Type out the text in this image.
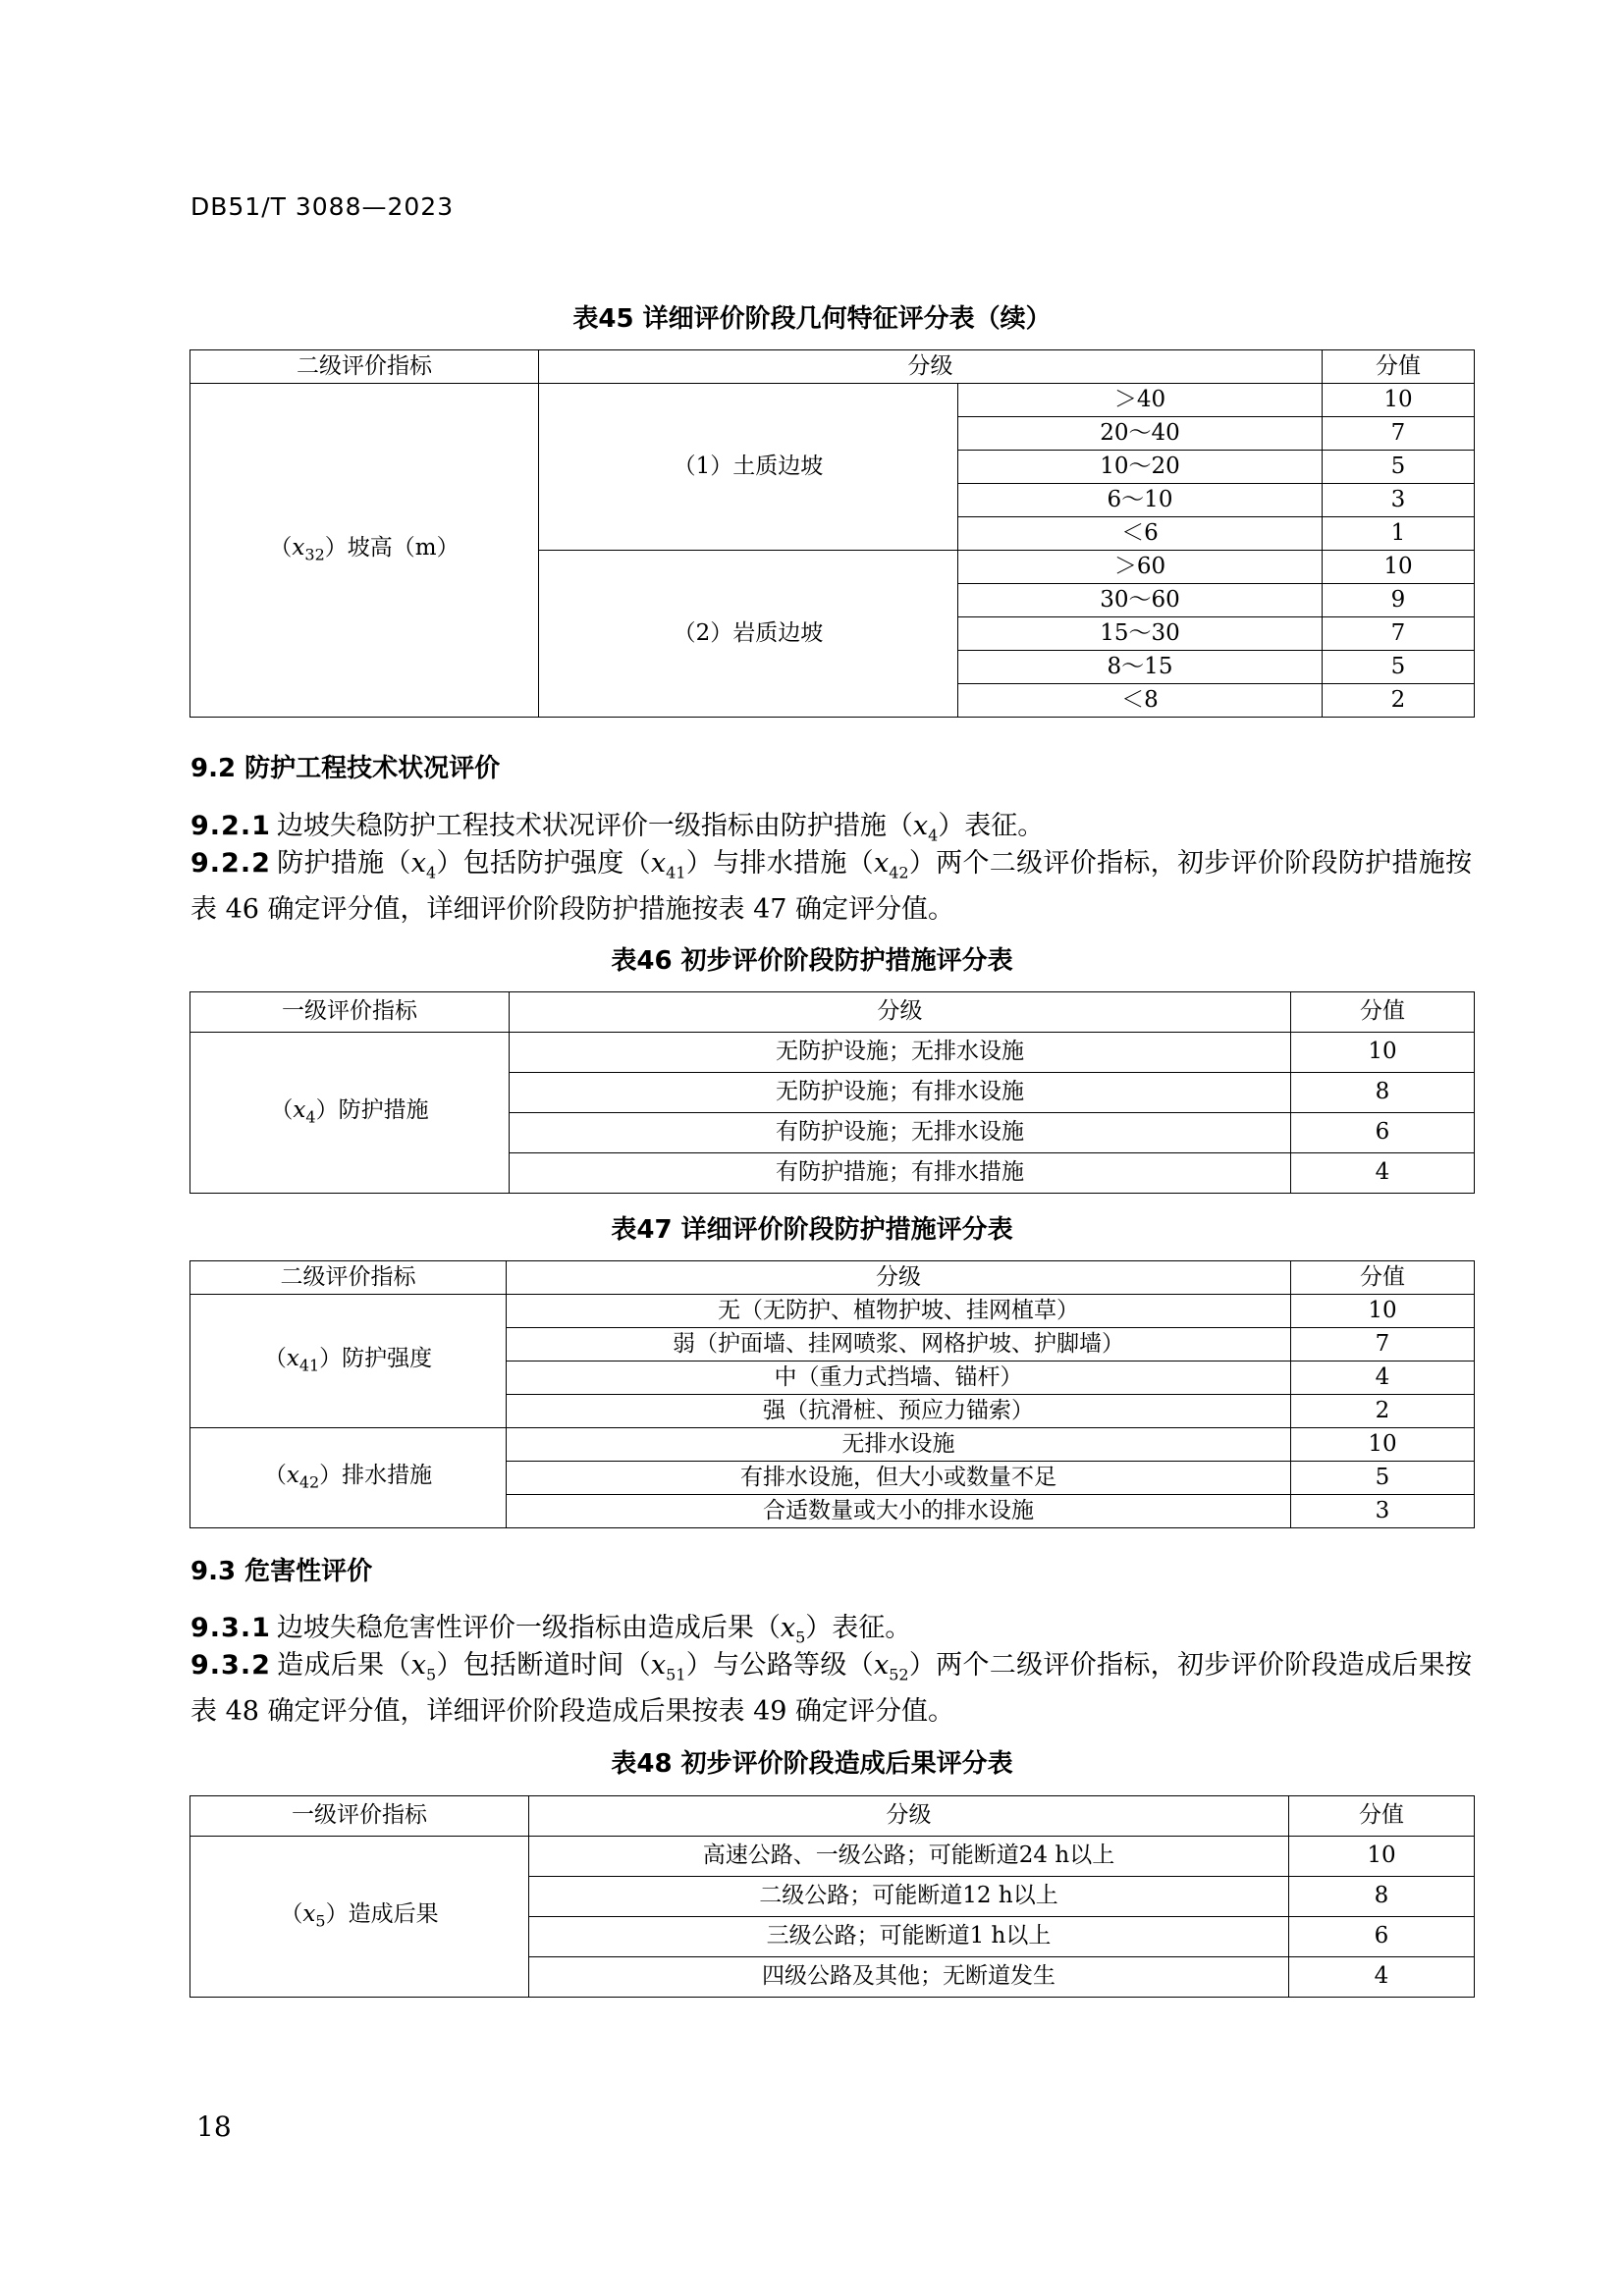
DB51/T 3088—2023
表45 详细评价阶段几何特征评分表（续）
二级评价指标	分级		分值
$(x_{32})$坡高（m）	（1）土质边坡	＞40	10
		20～40	7
		10～20	5
		6～10	3
		＜6	1
	（2）岩质边坡	＞60	10
		30～60	9
		15～30	7
		8～15	5
		＜8	2
9.2 防护工程技术状况评价
9.2.1 边坡失稳防护工程技术状况评价一级指标由防护措施$(x_4)$表征。
9.2.2 防护措施$(x_4)$包括防护强度$(x_{41})$与排水措施$(x_{42})$两个二级评价指标，初步评价阶段防护措施按表 46 确定评分值，详细评价阶段防护措施按表 47 确定评分值。
表46 初步评价阶段防护措施评分表
一级评价指标	分级	分值
$(x_4)$防护措施	无防护设施；无排水设施	10
	无防护设施；有排水设施	8
	有防护设施；无排水设施	6
	有防护措施；有排水措施	4
表47 详细评价阶段防护措施评分表
二级评价指标	分级	分值
$(x_{41})$防护强度	无（无防护、植物护坡、挂网植草）	10
	弱（护面墙、挂网喷浆、网格护坡、护脚墙）	7
	中（重力式挡墙、锚杆）	4
	强（抗滑桩、预应力锚索）	2
$(x_{42})$排水措施	无排水设施	10
	有排水设施，但大小或数量不足	5
	合适数量或大小的排水设施	3
9.3 危害性评价
9.3.1 边坡失稳危害性评价一级指标由造成后果$(x_5)$表征。
9.3.2 造成后果$(x_5)$包括断道时间$(x_{51})$与公路等级$(x_{52})$两个二级评价指标，初步评价阶段造成后果按表 48 确定评分值，详细评价阶段造成后果按表 49 确定评分值。
表48 初步评价阶段造成后果评分表
一级评价指标	分级	分值
$(x_5)$造成后果	高速公路、一级公路；可能断道24 h以上	10
	二级公路；可能断道12 h以上	8
	三级公路；可能断道1 h以上	6
	四级公路及其他；无断道发生	4
18
